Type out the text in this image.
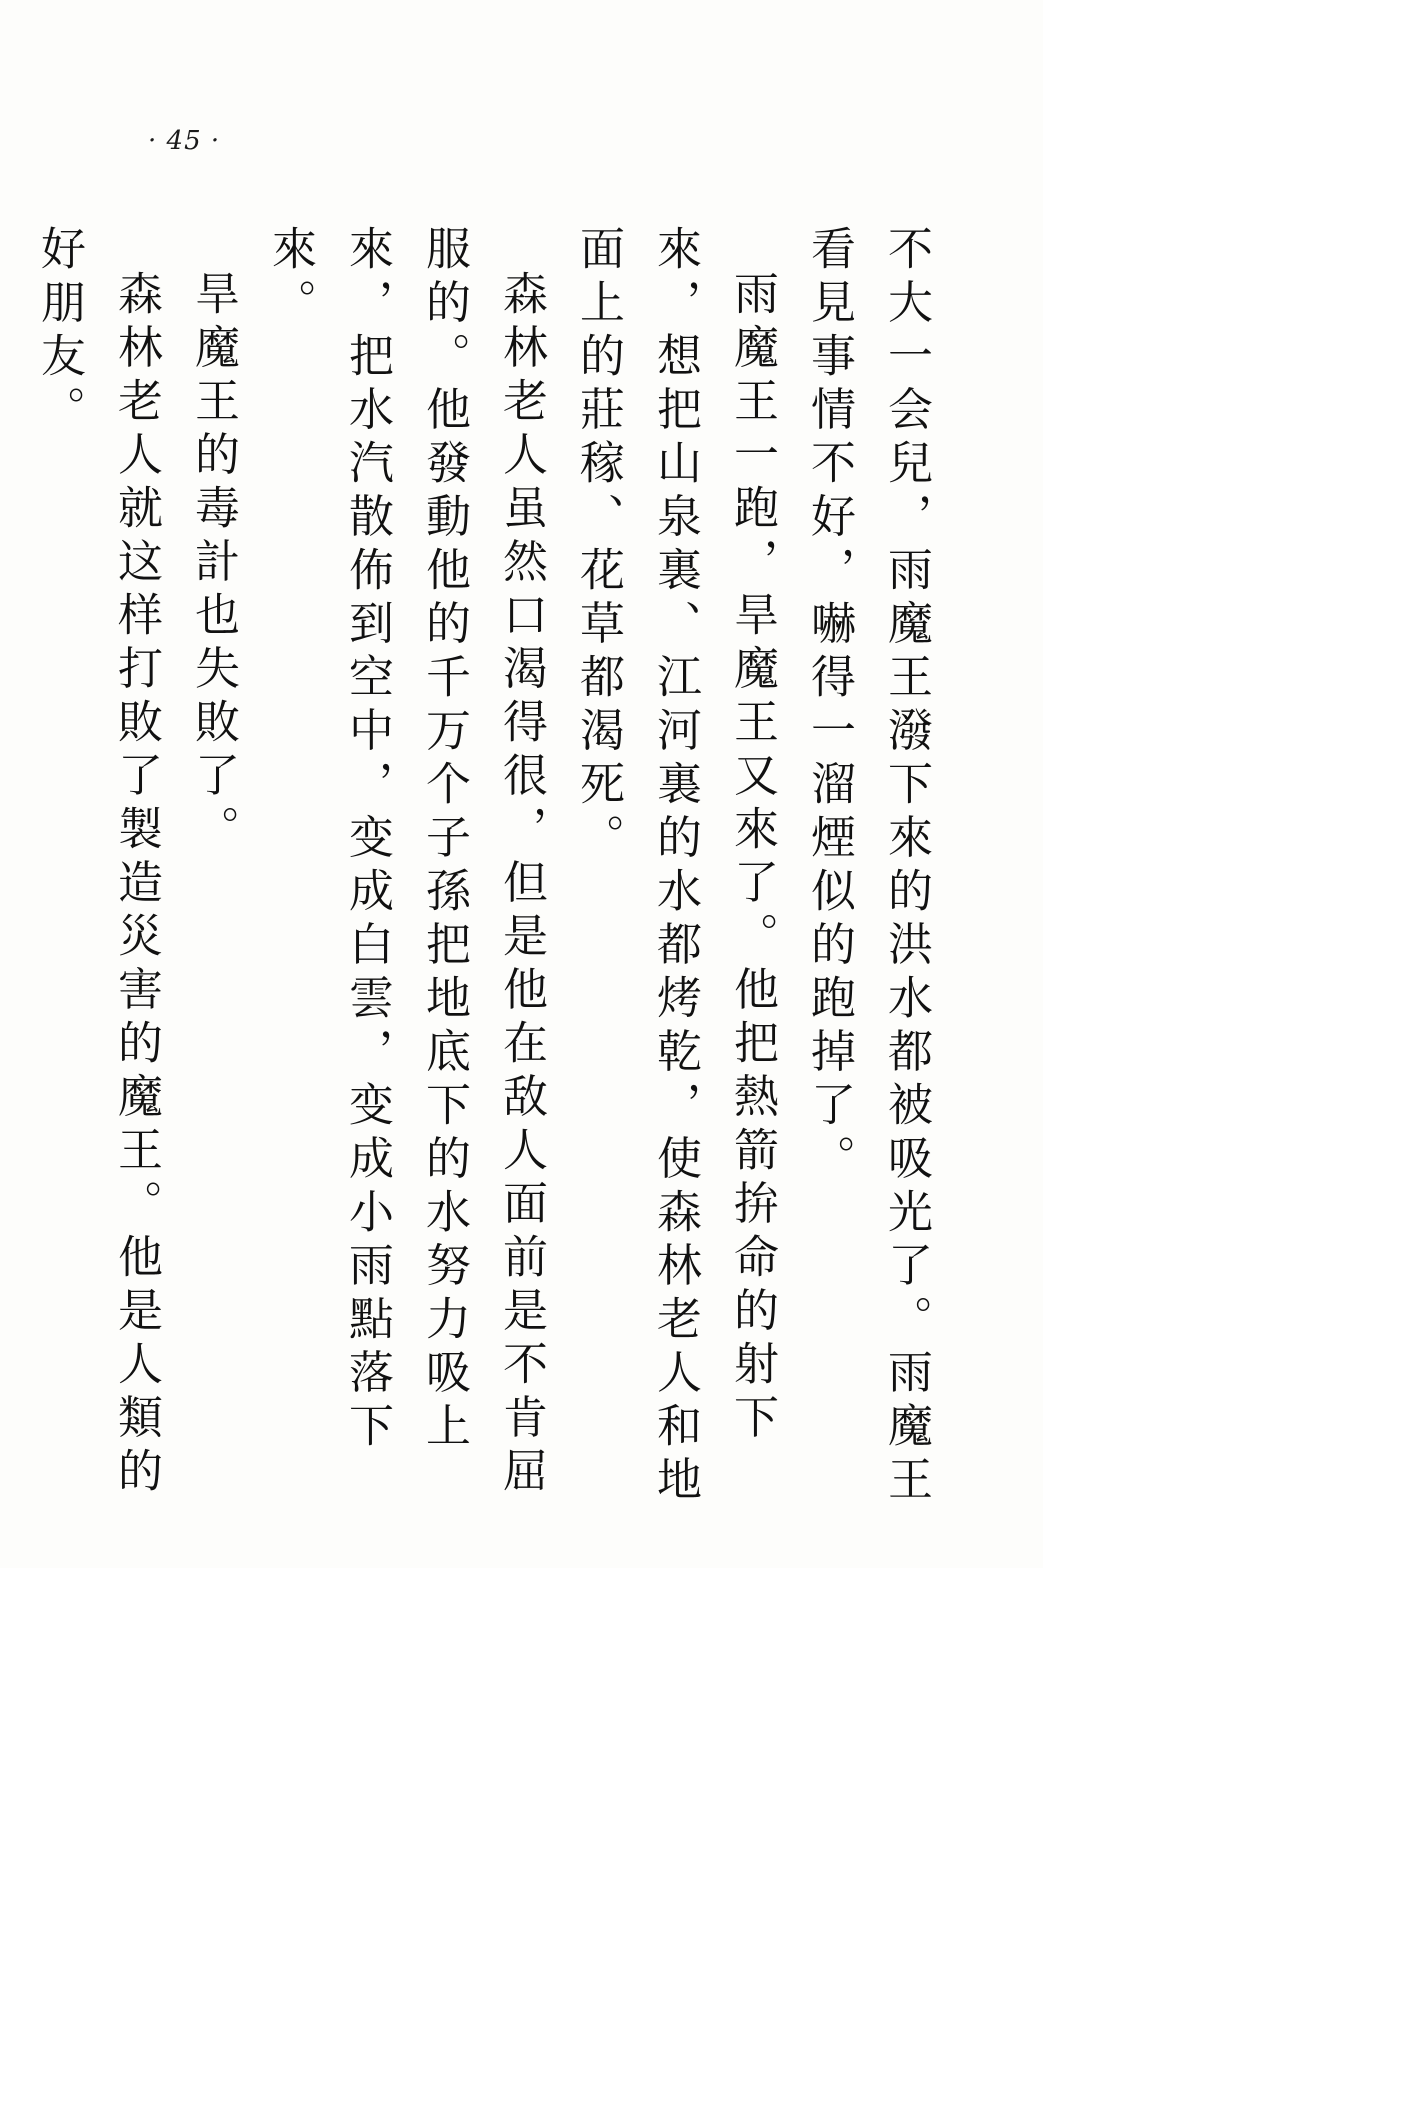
· 45 ·

不大一会兒，雨魔王潑下來的洪水都被吸光了。雨魔王看見事情不好，嚇得一溜煙似的跑掉了。

雨魔王一跑，旱魔王又來了。他把熱箭拚命的射下來，想把山泉裏、江河裏的水都烤乾，使森林老人和地面上的莊稼、花草都渴死。

森林老人虽然口渴得很，但是他在敌人面前是不肯屈服的。他發動他的千万个子孫把地底下的水努力吸上來，把水汽散佈到空中，变成白雲，变成小雨點落下來。

旱魔王的毒計也失敗了。

森林老人就这样打敗了製造災害的魔王。他是人類的好朋友。
